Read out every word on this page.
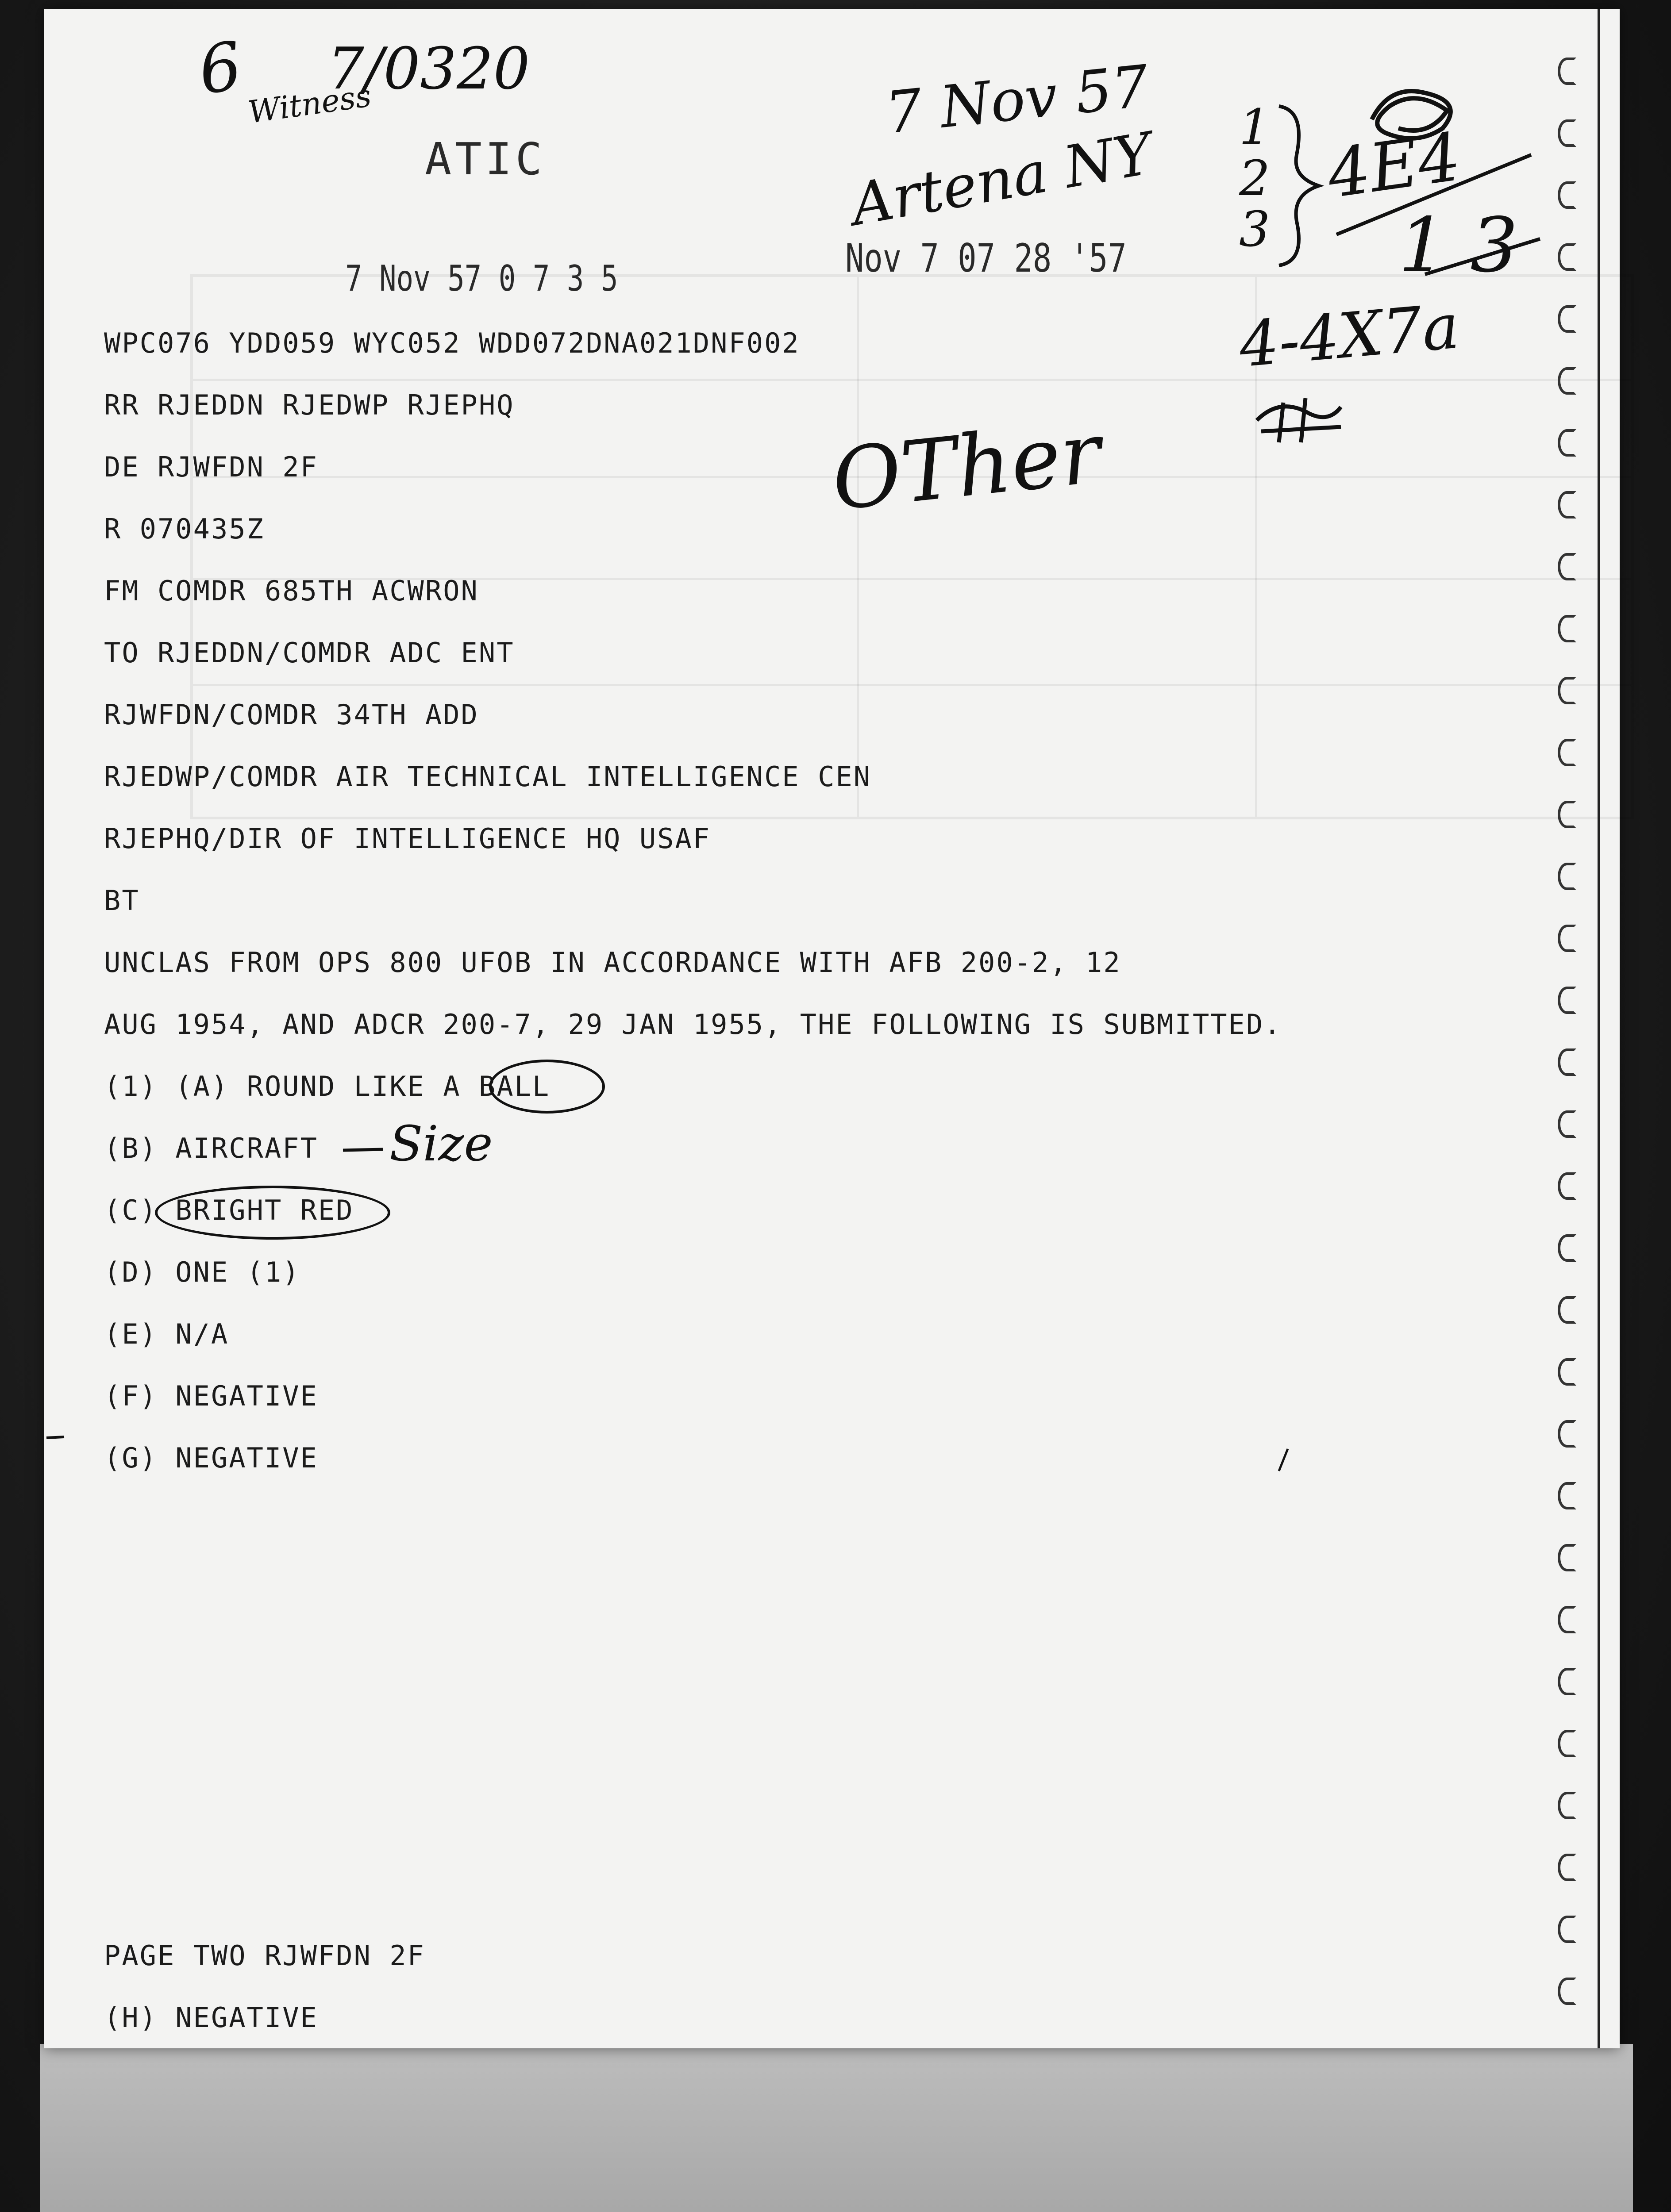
6
Witness
7/0320
ATIC
7 Nov 57
Artena NY 1
2
3
4E4
1 3
4-4X7a
7 Nov 57 0 7 3 5	Nov 7 07 28 '57
OTher
WPC076 YDD059 WYC052 WDD072DNA021DNF002
RR RJEDDN RJEDWP RJEPHQ
DE RJWFDN 2F
R 070435Z
FM COMDR 685TH ACWRON
TO RJEDDN/COMDR ADC ENT
RJWFDN/COMDR 34TH ADD
RJEDWP/COMDR AIR TECHNICAL INTELLIGENCE CEN
RJEPHQ/DIR OF INTELLIGENCE HQ USAF
BT
UNCLAS FROM OPS 800 UFOB IN ACCORDANCE WITH AFB 200-2, 12
AUG 1954, AND ADCR 200-7, 29 JAN 1955, THE FOLLOWING IS SUBMITTED.
(1) (A) ROUND LIKE A BALL
(B) AIRCRAFT
(C) BRIGHT RED
(D) ONE (1)
(E) N/A
(F) NEGATIVE
(G) NEGATIVE
PAGE TWO RJWFDN 2F
(H) NEGATIVE
Size
